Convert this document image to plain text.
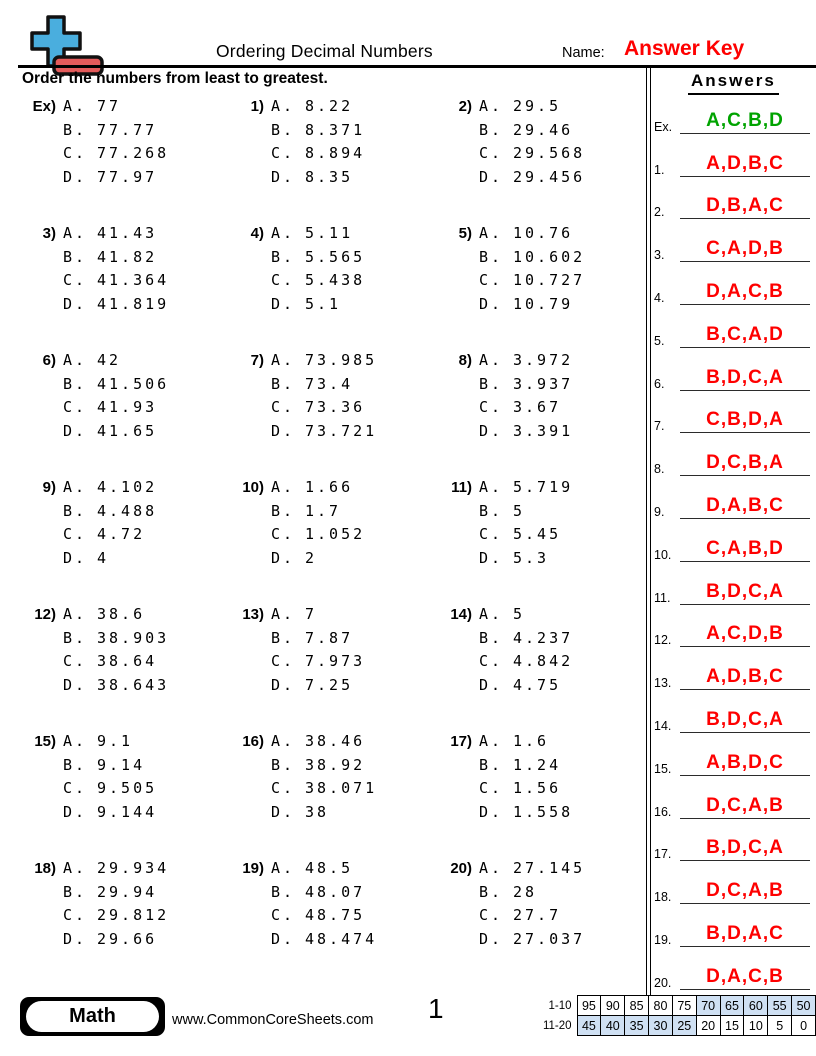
Ordering Decimal Numbers	Name: Answer Key
Order the numbers from least to greatest.
Ex) A. 77
B. 77.77
C. 77.268
D. 77.97
1) A. 8.22
B. 8.371
C. 8.894
D. 8.35
2) A. 29.5
B. 29.46
C. 29.568
D. 29.456
3) A. 41.43
B. 41.82
C. 41.364
D. 41.819
4) A. 5.11
B. 5.565
C. 5.438
D. 5.1
5) A. 10.76
B. 10.602
C. 10.727
D. 10.79
6) A. 42
B. 41.506
C. 41.93
D. 41.65
7) A. 73.985
B. 73.4
C. 73.36
D. 73.721
8) A. 3.972
B. 3.937
C. 3.67
D. 3.391
9) A. 4.102
B. 4.488
C. 4.72
D. 4
10) A. 1.66
B. 1.7
C. 1.052
D. 2
11) A. 5.719
B. 5
C. 5.45
D. 5.3
12) A. 38.6
B. 38.903
C. 38.64
D. 38.643
13) A. 7
B. 7.87
C. 7.973
D. 7.25
14) A. 5
B. 4.237
C. 4.842
D. 4.75
15) A. 9.1
B. 9.14
C. 9.505
D. 9.144
16) A. 38.46
B. 38.92
C. 38.071
D. 38
17) A. 1.6
B. 1.24
C. 1.56
D. 1.558
18) A. 29.934
B. 29.94
C. 29.812
D. 29.66
19) A. 48.5
B. 48.07
C. 48.75
D. 48.474
20) A. 27.145
B. 28
C. 27.7
D. 27.037
Answers
Ex.	A,C,B,D
1.	A,D,B,C
2.	D,B,A,C
3.	C,A,D,B
4.	D,A,C,B
5.	B,C,A,D
6.	B,D,C,A
7.	C,B,D,A
8.	D,C,B,A
9.	D,A,B,C
10.	C,A,B,D
11.	B,D,C,A
12.	A,C,D,B
13.	A,D,B,C
14.	B,D,C,A
15.	A,B,D,C
16.	D,C,A,B
17.	B,D,C,A
18.	D,C,A,B
19.	B,D,A,C
20.	D,A,C,B
Math	www.CommonCoreSheets.com 1	1-10	95	90	85	80	75	70	65	60	55	50
11-20	45	40	35	30	25	20	15	10	5	0
